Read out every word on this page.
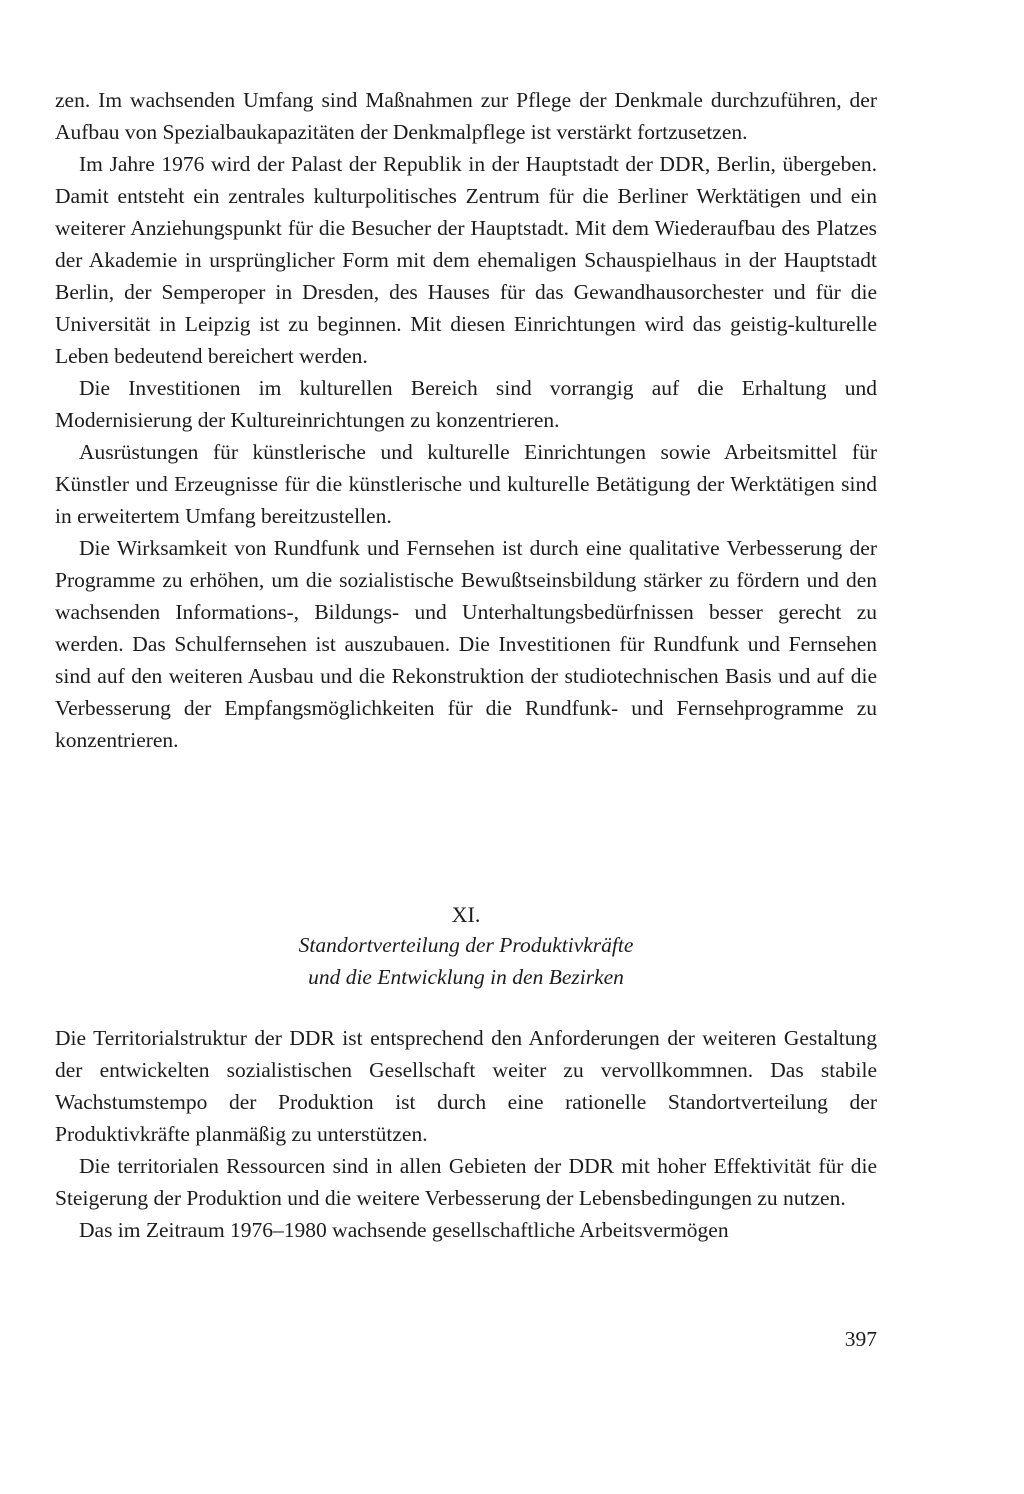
zen. Im wachsenden Umfang sind Maßnahmen zur Pflege der Denkmale durchzuführen, der Aufbau von Spezialbaukapazitäten der Denkmalpflege ist verstärkt fortzusetzen.

Im Jahre 1976 wird der Palast der Republik in der Hauptstadt der DDR, Berlin, übergeben. Damit entsteht ein zentrales kulturpolitisches Zentrum für die Berliner Werktätigen und ein weiterer Anziehungspunkt für die Besucher der Hauptstadt. Mit dem Wiederaufbau des Platzes der Akademie in ursprünglicher Form mit dem ehemaligen Schauspielhaus in der Hauptstadt Berlin, der Semperoper in Dresden, des Hauses für das Gewandhausorchester und für die Universität in Leipzig ist zu beginnen. Mit diesen Einrichtungen wird das geistig-kulturelle Leben bedeutend bereichert werden.

Die Investitionen im kulturellen Bereich sind vorrangig auf die Erhaltung und Modernisierung der Kultureinrichtungen zu konzentrieren.

Ausrüstungen für künstlerische und kulturelle Einrichtungen sowie Arbeitsmittel für Künstler und Erzeugnisse für die künstlerische und kulturelle Betätigung der Werktätigen sind in erweitertem Umfang bereitzustellen.

Die Wirksamkeit von Rundfunk und Fernsehen ist durch eine qualitative Verbesserung der Programme zu erhöhen, um die sozialistische Bewußtseinsbildung stärker zu fördern und den wachsenden Informations-, Bildungs- und Unterhaltungsbedürfnissen besser gerecht zu werden. Das Schulfernsehen ist auszubauen. Die Investitionen für Rundfunk und Fernsehen sind auf den weiteren Ausbau und die Rekonstruktion der studiotechnischen Basis und auf die Verbesserung der Empfangsmöglichkeiten für die Rundfunk- und Fernsehprogramme zu konzentrieren.

XI.
Standortverteilung der Produktivkräfte
und die Entwicklung in den Bezirken

Die Territorialstruktur der DDR ist entsprechend den Anforderungen der weiteren Gestaltung der entwickelten sozialistischen Gesellschaft weiter zu vervollkommnen. Das stabile Wachstumstempo der Produktion ist durch eine rationelle Standortverteilung der Produktivkräfte planmäßig zu unterstützen.

Die territorialen Ressourcen sind in allen Gebieten der DDR mit hoher Effektivität für die Steigerung der Produktion und die weitere Verbesserung der Lebensbedingungen zu nutzen.

Das im Zeitraum 1976–1980 wachsende gesellschaftliche Arbeitsvermögen

397
